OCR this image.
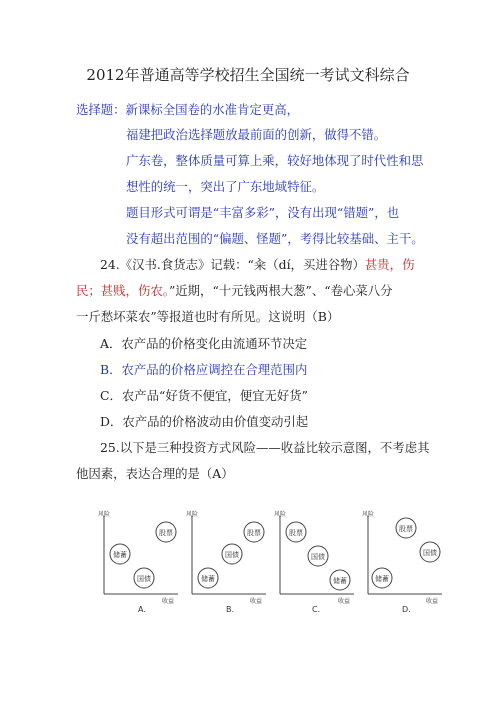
2012年普通高等学校招生全国统一考试文科综合
选择题：新课标全国卷的水准肯定更高，
福建把政治选择题放最前面的创新，做得不错。
广东卷，整体质量可算上乘，较好地体现了时代性和思
想性的统一，突出了广东地域特征。
题目形式可谓是“丰富多彩”，没有出现“错题”，也
没有超出范围的“偏题、怪题”，考得比较基础、主干。
24.《汉书.食货志》记载：“籴（dí，买进谷物）甚贵，伤
民；甚贱，伤农。”近期，“十元钱两根大葱”、“卷心菜八分
一斤愁坏菜农”等报道也时有所见。这说明（B）
A．农产品的价格变化由流通环节决定
B．农产品的价格应调控在合理范围内
C．农产品“好货不便宜，便宜无好货”
D．农产品的价格波动由价值变动引起
25.以下是三种投资方式风险——收益比较示意图，不考虑其
他因素，表达合理的是（A）
风险
收益
储蓄
国债
股票
A.
风险
收益
储蓄
国债
股票
B.
风险
收益
股票
国债
储蓄
C.
风险
收益
股票
国债
储蓄
D.
